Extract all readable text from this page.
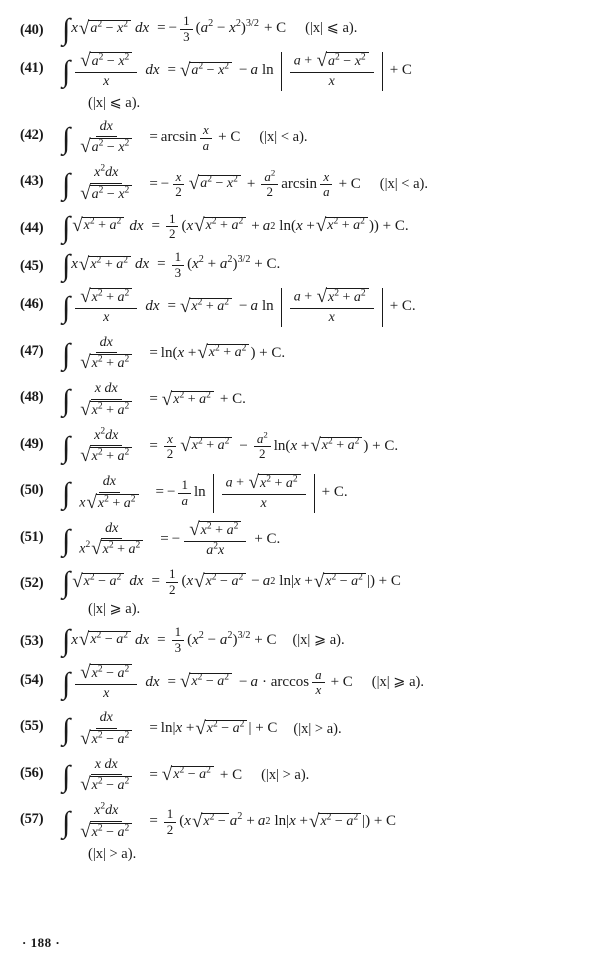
(40) ∫ x √ $a^2 - x^2$ dx = − $\frac{1}{3} (a^2 - x^2)^{3/2} + C$ (|x| ⩽ a).
(41) ∫ √ $a^2 - x^2$
x
dx = √ $a^2 - x^2 - a$ ln
a + √ $a^2 - x^2$
x
+ C
(|x| ⩽ a).
(42) ∫ $\frac{dx}{√ a^2 - x^2} = \arcsin \frac{x}{a} + C$ (|x| < a).
(43) ∫ $\frac{x^2dx}{√ a^2 - x^2}$ = − $\frac{x}{2}$ √ $a^2 - x^2 + \frac{a^2}{2}$ $\arcsin \frac{x}{a} + C$ (|x| < a).
(44) ∫ √ $x^2 + a^2$ dx = $\frac{1}{2} (x$ √ $x^2 + a^2 + a$ 2 ln(x + √ $x^2 + a^2$ )) + C.
(45) ∫ x √ $x^2 + a^2$ dx = $\frac{1}{3} (x^2 + a^2)^{3/2} + C$.
(46) ∫ √ $x^2 + a^2$
x
dx = √ $x^2 + a^2 - a$ ln
a + √ $x^2 + a^2$
x
+ C.
(47) ∫ $\frac{dx}{√ x^2 + a^2} = \ln(x$ + √ $x^2 + a^2$ ) + C.
(48) ∫ $\frac{\text{x dx}}{√ x^2 + a^2}$ = √ $x^2 + a^2 + C$.
(49) ∫ $\frac{x^2dx}{√ x^2 + a^2} = \frac{x}{2}$ √ $x^2 + a^2 - \frac{a^2}{2} \ln(x$ + √ $x^2 + a^2$ ) + C.
(50) ∫ $\frac{dx}{x √ x^2 + a^2}$ = − $\frac{1}{a}$ ln
a + √ $x^2 + a^2$
x
+ C.
(51) ∫ $\frac{dx}{x^2 √ x^2 + a^2}$ = − $\frac{√ x^2 + a^2}{a^2x} + C$.
(52) ∫ √ $x^2 - a^2$ dx = $\frac{1}{2} (x$ √ $x^2 - a^2 - a$ 2 ln|x + √ $x^2 - a^2$ |) + C
(|x| ⩾ a).
(53) ∫ x √ $x^2 - a^2$ dx = $\frac{1}{3} (x^2 - a^2)^{3/2} + C$ (|x| ⩾ a).
(54) ∫ √ $x^2 - a^2$
x
dx = √ $x^2 - a^2 - a \cdot \arccos \frac{a}{x} + C$ (|x| ⩾ a).
(55) ∫ $\frac{dx}{√ x^2 - a^2} = \ln|x$ + √ $x^2 - a^2$ | + C (|x| > a).
(56) ∫ $\frac{\text{x dx}}{√ x^2 - a^2}$ = √ $x^2 - a^2 + C$ (|x| > a).
(57) ∫ $\frac{x^2dx}{√ x^2 - a^2} = \frac{1}{2} (x$ √ $x^2 - a^2 + a$ 2 ln|x + √ $x^2 - a^2$ |) + C
(|x| > a).
· 188 ·
